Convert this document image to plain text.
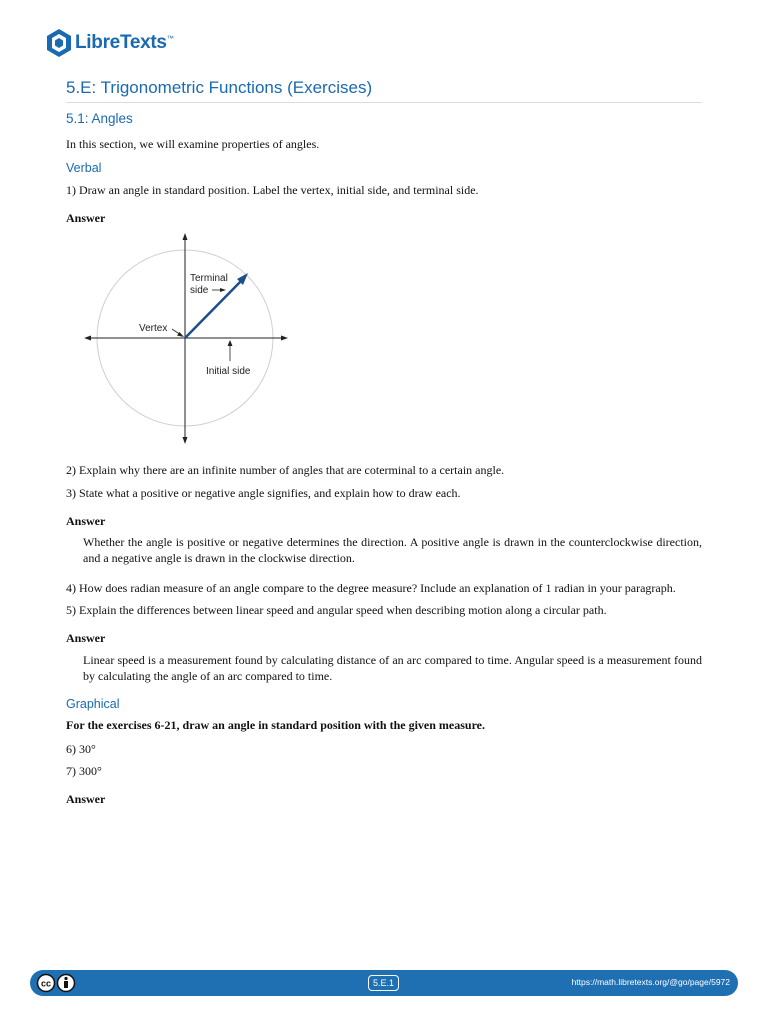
LibreTexts™
5.E: Trigonometric Functions (Exercises)
5.1: Angles

In this section, we will examine properties of angles.

Verbal

1) Draw an angle in standard position. Label the vertex, initial side, and terminal side.

Answer

Terminal
side
Vertex
Initial side

2) Explain why there are an infinite number of angles that are coterminal to a certain angle.

3) State what a positive or negative angle signifies, and explain how to draw each.

Answer

Whether the angle is positive or negative determines the direction. A positive angle is drawn in the counterclockwise direction, and a negative angle is drawn in the clockwise direction.

4) How does radian measure of an angle compare to the degree measure? Include an explanation of 1 radian in your paragraph.

5) Explain the differences between linear speed and angular speed when describing motion along a circular path.

Answer

Linear speed is a measurement found by calculating distance of an arc compared to time. Angular speed is a measurement found by calculating the angle of an arc compared to time.

Graphical

For the exercises 6-21, draw an angle in standard position with the given measure.

6) 30°

7) 300°

Answer

cc	5.E.1	https://math.libretexts.org/@go/page/5972
